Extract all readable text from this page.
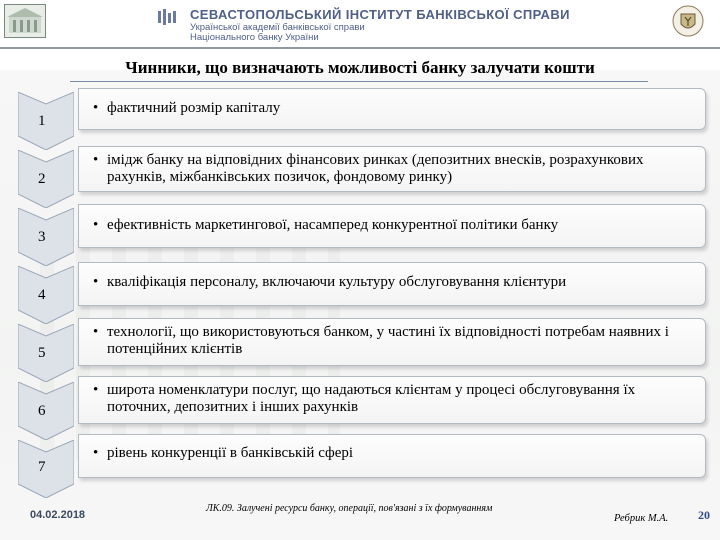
СЕВАСТОПОЛЬСЬКИЙ ІНСТИТУТ БАНКІВСЬКОЇ СПРАВИ
Української академії банківської справи
Національного банку України
Чинники, що визначають можливості банку залучати кошти
1
• фактичний розмір капіталу
2
• імідж банку на відповідних фінансових ринках (депозитних внесків, розрахункових рахунків, міжбанківських позичок, фондовому ринку)
3
• ефективність маркетингової, насамперед конкурентної політики банку
4
• кваліфікація персоналу, включаючи культуру обслуговування клієнтури
5
• технології, що використовуються банком, у частині їх відповідності потребам наявних і потенційних клієнтів
6
• широта номенклатури послуг, що надаються клієнтам у процесі обслуговування їх поточних, депозитних і інших рахунків
7
• рівень конкуренції в банківській сфері
04.02.2018
ЛК.09. Залучені ресурси банку, операції, пов'язані з їх формуванням
Ребрик М.А. 20
